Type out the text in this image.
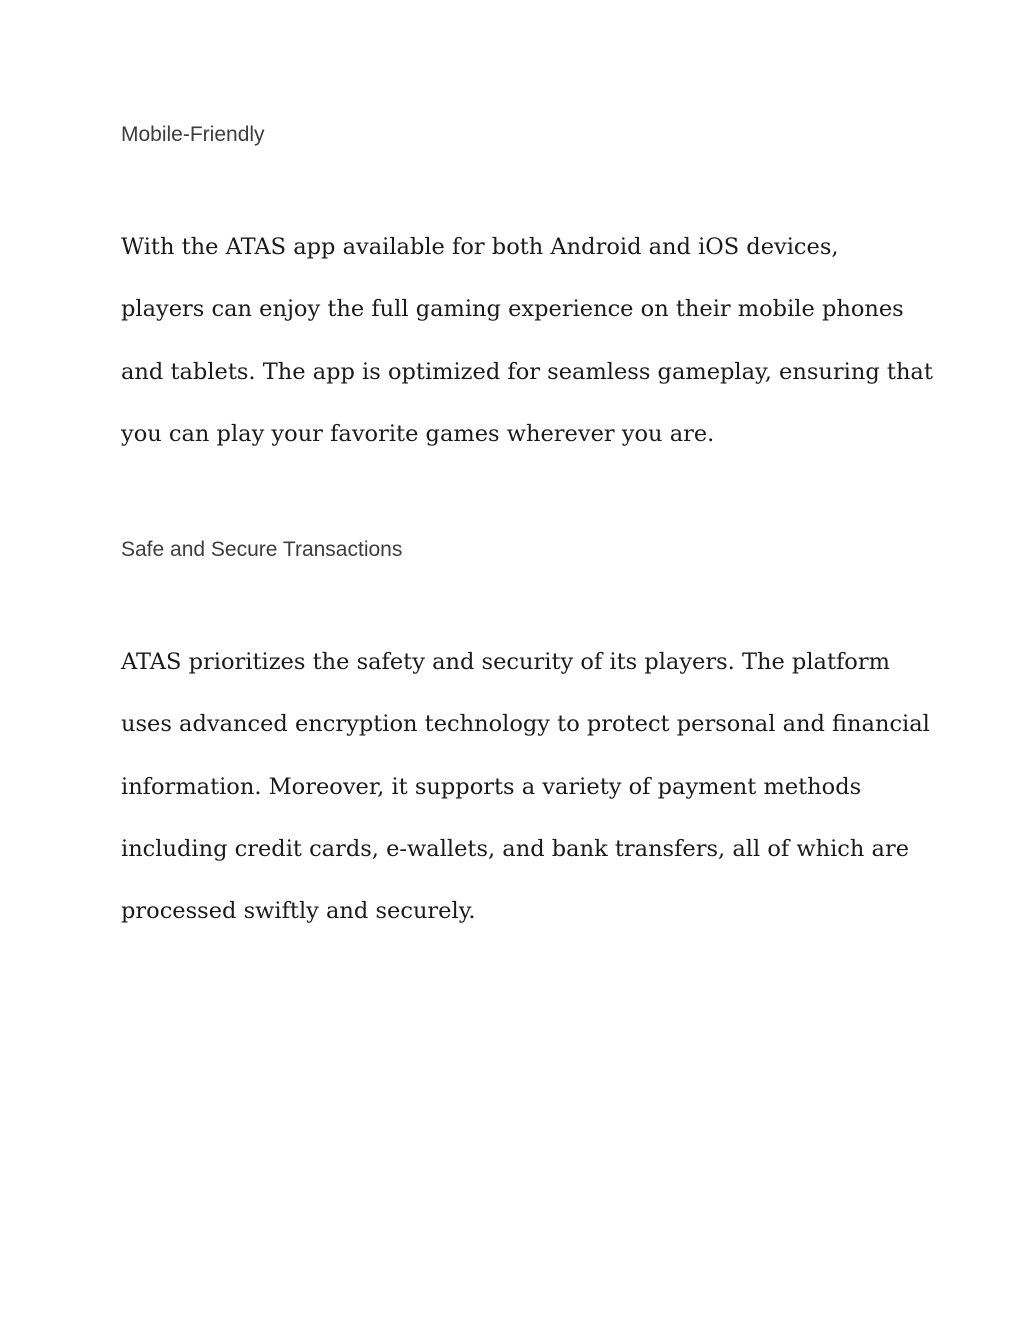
Mobile-Friendly
With the ATAS app available for both Android and iOS devices,
players can enjoy the full gaming experience on their mobile phones
and tablets. The app is optimized for seamless gameplay, ensuring that
you can play your favorite games wherever you are.
Safe and Secure Transactions
ATAS prioritizes the safety and security of its players. The platform
uses advanced encryption technology to protect personal and financial
information. Moreover, it supports a variety of payment methods
including credit cards, e-wallets, and bank transfers, all of which are
processed swiftly and securely.
